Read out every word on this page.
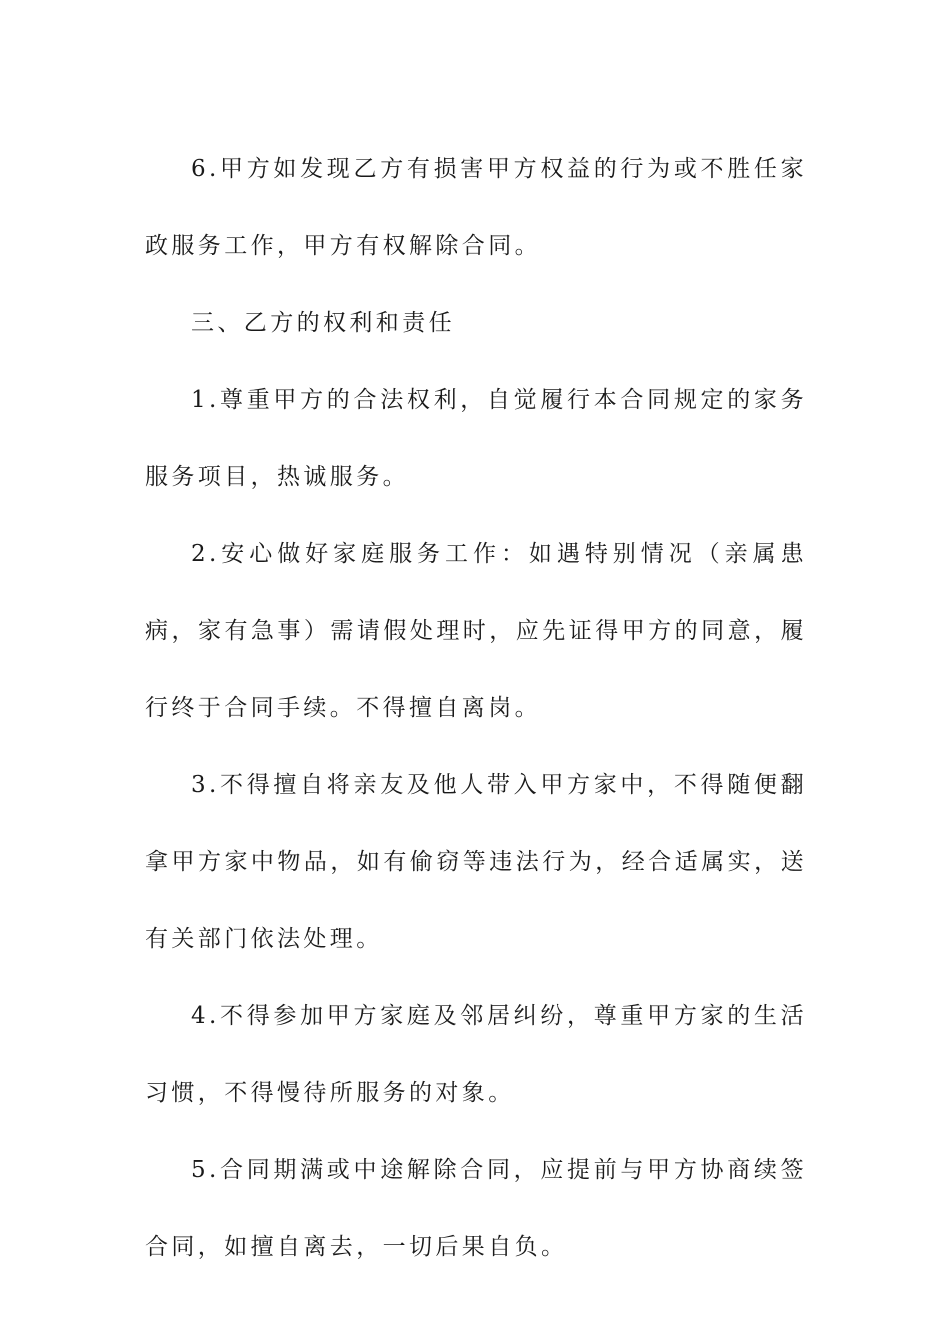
6.甲方如发现乙方有损害甲方权益的行为或不胜任家政服务工作，甲方有权解除合同。

三、乙方的权利和责任

1.尊重甲方的合法权利，自觉履行本合同规定的家务服务项目，热诚服务。

2.安心做好家庭服务工作：如遇特别情况（亲属患病，家有急事）需请假处理时，应先证得甲方的同意，履行终于合同手续。不得擅自离岗。

3.不得擅自将亲友及他人带入甲方家中，不得随便翻拿甲方家中物品，如有偷窃等违法行为，经合适属实，送有关部门依法处理。

4.不得参加甲方家庭及邻居纠纷，尊重甲方家的生活习惯，不得慢待所服务的对象。

5.合同期满或中途解除合同，应提前与甲方协商续签合同，如擅自离去，一切后果自负。
